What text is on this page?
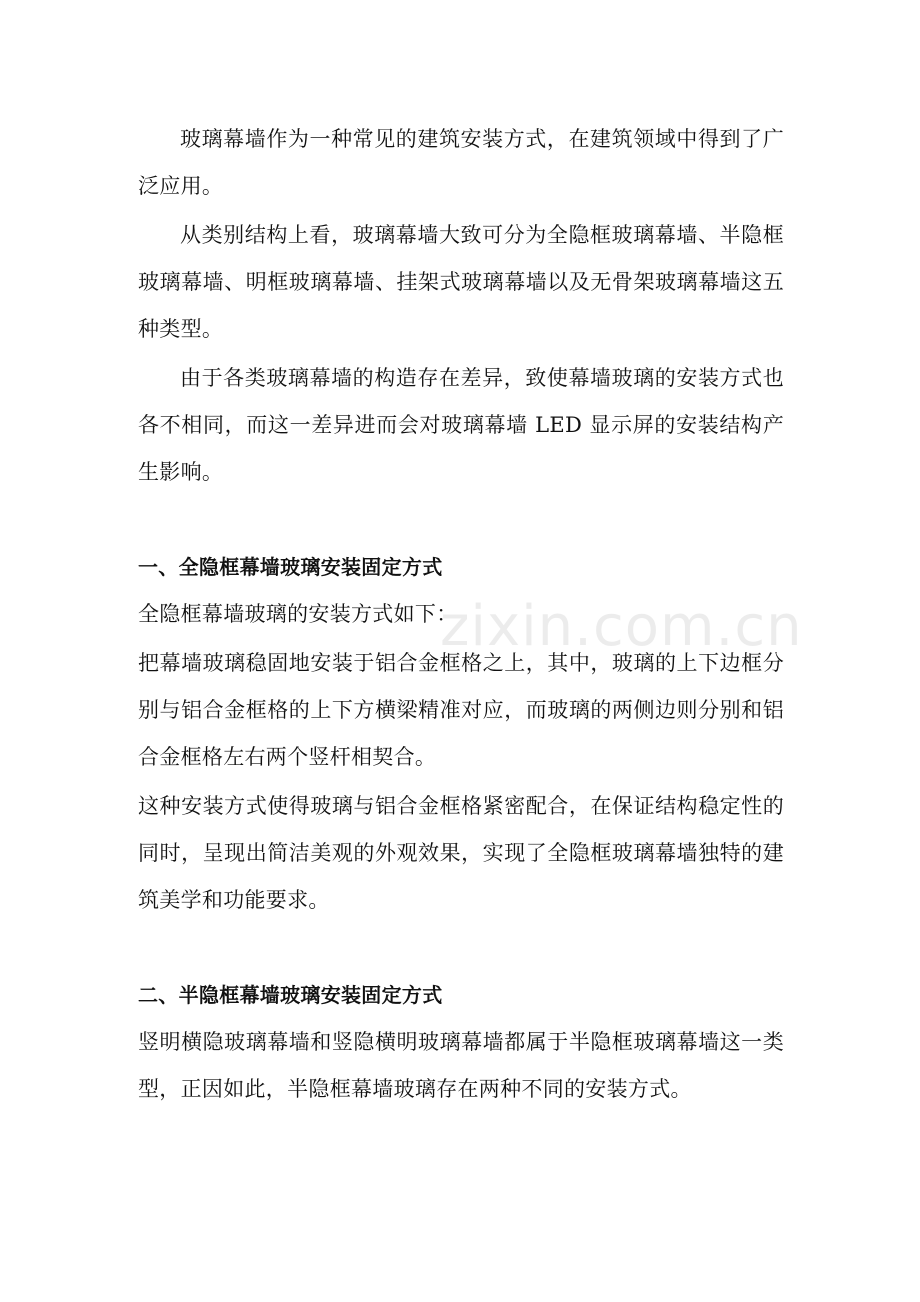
玻璃幕墙作为一种常见的建筑安装方式，在建筑领域中得到了广泛应用。

从类别结构上看，玻璃幕墙大致可分为全隐框玻璃幕墙、半隐框玻璃幕墙、明框玻璃幕墙、挂架式玻璃幕墙以及无骨架玻璃幕墙这五种类型。

由于各类玻璃幕墙的构造存在差异，致使幕墙玻璃的安装方式也各不相同，而这一差异进而会对玻璃幕墙 LED 显示屏的安装结构产生影响。

一、全隐框幕墙玻璃安装固定方式

全隐框幕墙玻璃的安装方式如下：

把幕墙玻璃稳固地安装于铝合金框格之上，其中，玻璃的上下边框分别与铝合金框格的上下方横梁精准对应，而玻璃的两侧边则分别和铝合金框格左右两个竖杆相契合。

这种安装方式使得玻璃与铝合金框格紧密配合，在保证结构稳定性的同时，呈现出简洁美观的外观效果，实现了全隐框玻璃幕墙独特的建筑美学和功能要求。

二、半隐框幕墙玻璃安装固定方式

竖明横隐玻璃幕墙和竖隐横明玻璃幕墙都属于半隐框玻璃幕墙这一类型，正因如此，半隐框幕墙玻璃存在两种不同的安装方式。

zixin.com.cn
